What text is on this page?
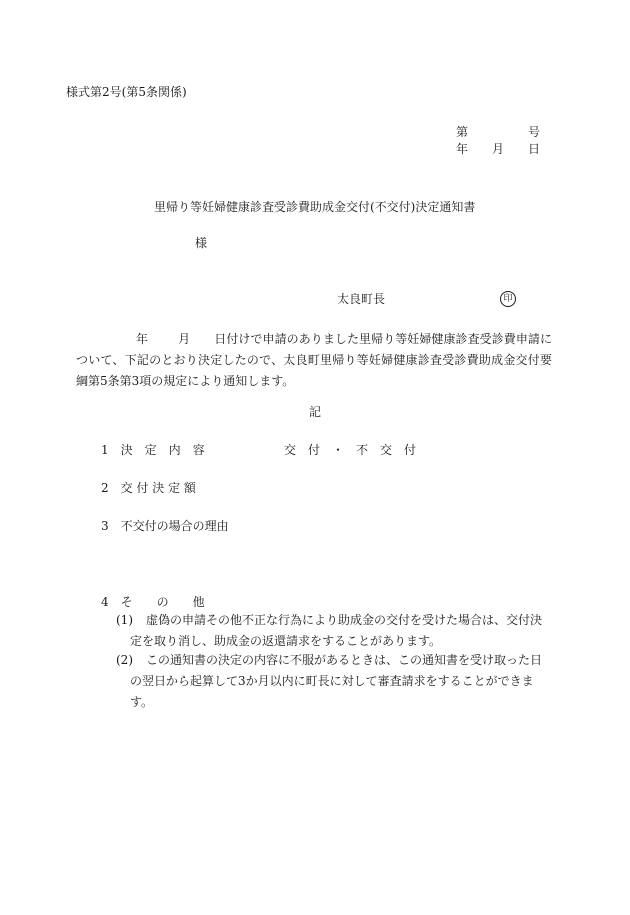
様式第2号(第5条関係)
第	号
年 月 日
里帰り等妊婦健康診査受診費助成金交付(不交付)決定通知書
様
太良町長	印
年	月 日付けで申請のありました里帰り等妊婦健康診査受診費申請について、下記のとおり決定したので、太良町里帰り等妊婦健康診査受診費助成金交付要綱第5条第3項の規定により通知します。
記
1　決　定　内　容	交　付　・　不　交　付
2　交 付 決 定 額
3　不交付の場合の理由
4　そ　　の　　他
(1)	虚偽の申請その他不正な行為により助成金の交付を受けた場合は、交付決定を取り消し、助成金の返還請求をすることがあります。
(2)	この通知書の決定の内容に不服があるときは、この通知書を受け取った日の翌日から起算して3か月以内に町長に対して審査請求をすることができます。
